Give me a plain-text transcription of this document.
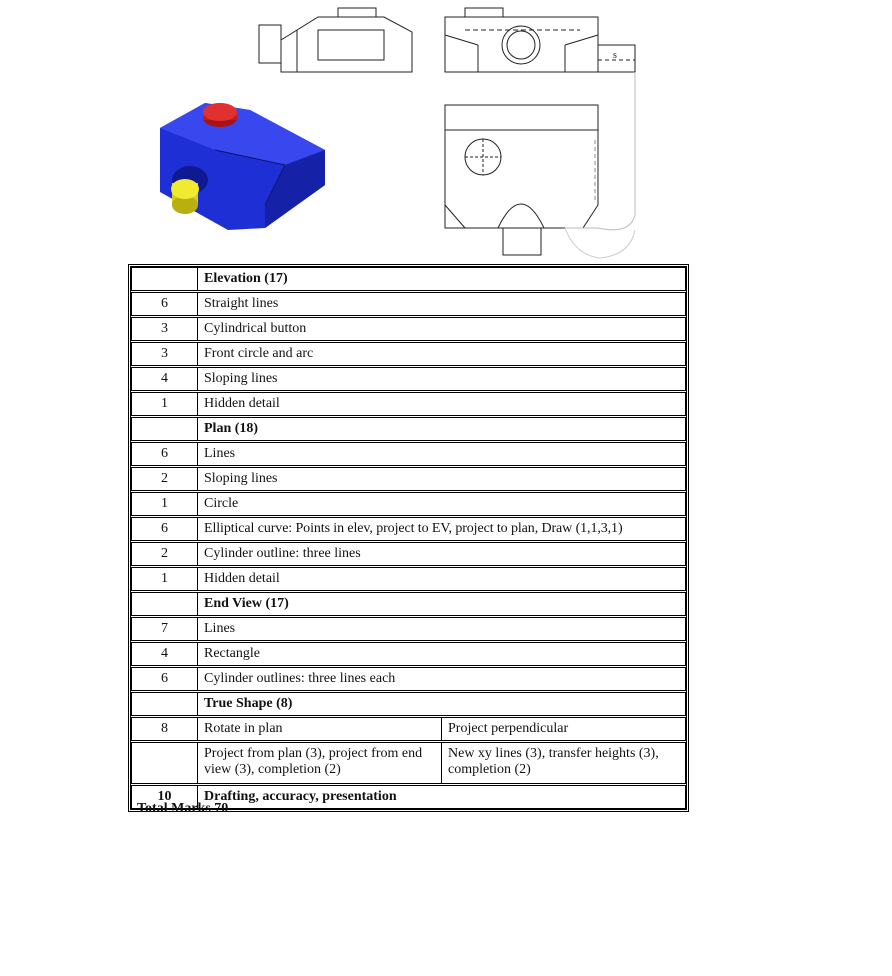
s
	Elevation (17)	
6	Straight lines	
3	Cylindrical button	
3	Front circle and arc	
4	Sloping lines	
1	Hidden detail	
	Plan (18)	
6	Lines	
2	Sloping lines	
1	Circle	
6	Elliptical curve: Points in elev, project to EV, project to plan, Draw (1,1,3,1)	
2	Cylinder outline: three lines	
1	Hidden detail	
	End View (17)	
7	Lines	
4	Rectangle	
6	Cylinder outlines: three lines each	
	True Shape (8)	
8	Rotate in plan	Project perpendicular
	Project from plan (3), project from end view (3), completion (2)	New xy lines (3), transfer heights (3), completion (2)
10	Drafting, accuracy, presentation	
Total Marks 70
